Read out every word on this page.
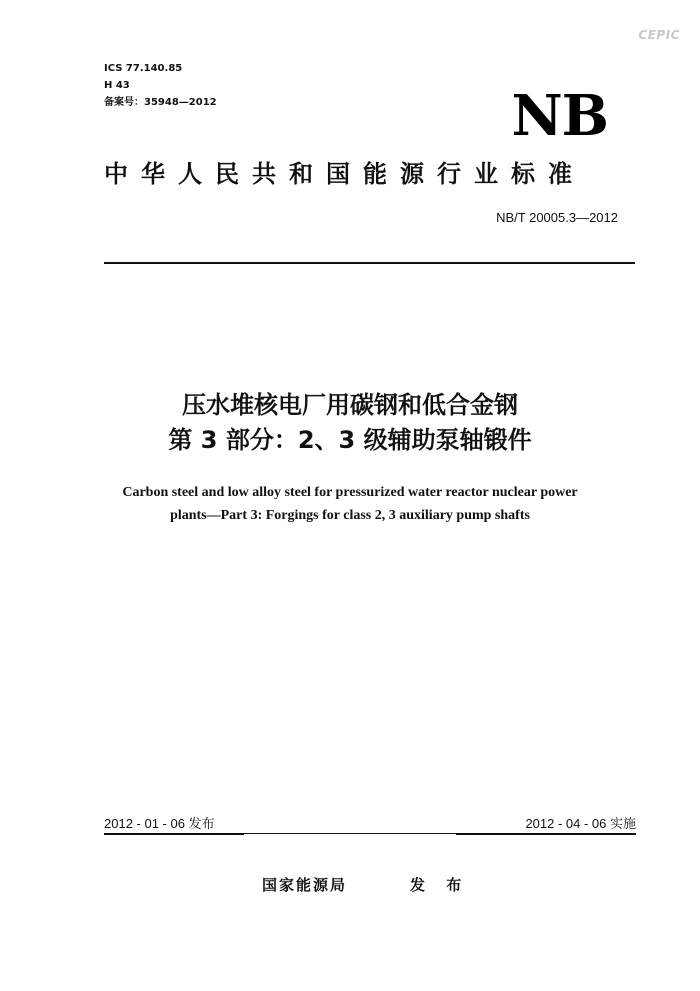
CEPIC
ICS 77.140.85
H 43
备案号：35948—2012	NB
中华人民共和国能源行业标准
NB/T 20005.3—2012
压水堆核电厂用碳钢和低合金钢
第 3 部分：2、3 级辅助泵轴锻件
Carbon steel and low alloy steel for pressurized water reactor nuclear power
plants—Part 3: Forgings for class 2, 3 auxiliary pump shafts
2012 - 01 - 06 发布	2012 - 04 - 06 实施
国家能源局	发 布
